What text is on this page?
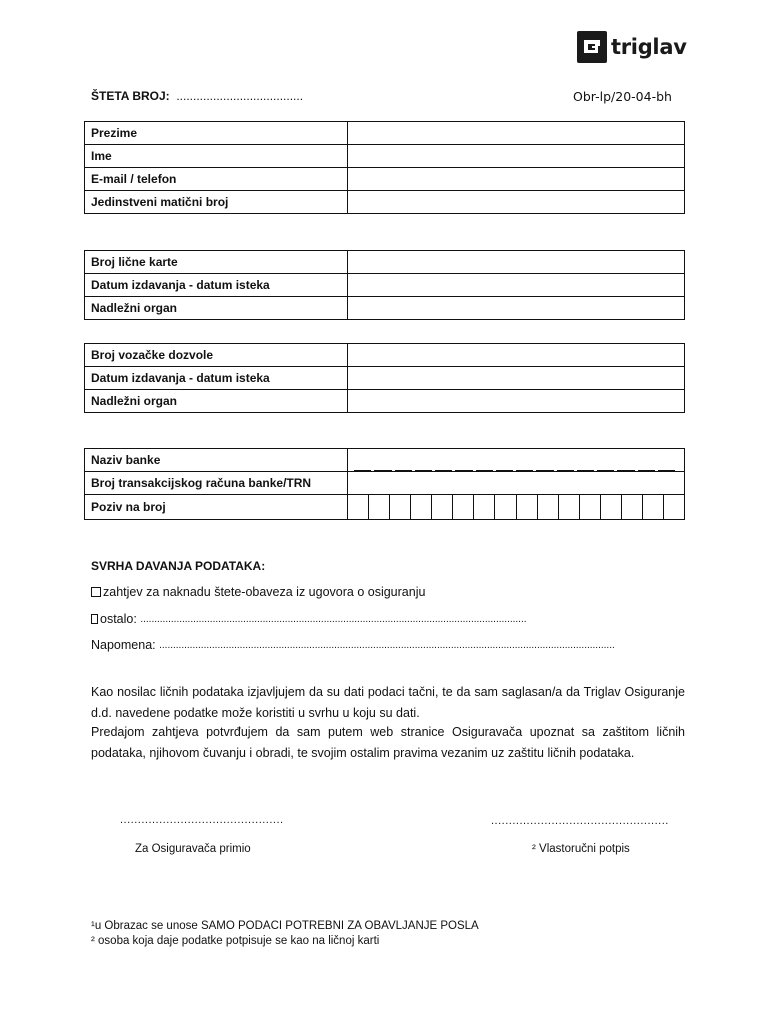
triglav
ŠTETA BROJ: ......................................	Obr-lp/20-04-bh
Prezime	
Ime	
E-mail / telefon	
Jedinstveni matični broj	
Broj lične karte	
Datum izdavanja - datum isteka	
Nadležni organ	
Broj vozačke dozvole	
Datum izdavanja - datum isteka	
Nadležni organ	
Naziv banke	

Broj transakcijskog računa banke/TRN	
Poziv na broj	
SVRHA DAVANJA PODATAKA:
zahtjev za naknadu štete-obaveza iz ugovora o osiguranju
ostalo:
...........................................................................................................................................
Napomena:
....................................................................................................................................................................
Kao nosilac ličnih podataka izjavljujem da su dati podaci tačni, te da sam saglasan/a da Triglav Osiguranje d.d. navedene podatke može koristiti u svrhu u koju su dati.
Predajom zahtjeva potvrđujem da sam putem web stranice Osiguravača upoznat sa zaštitom ličnih podataka, njihovom čuvanju i obradi, te svojim ostalim pravima vezanim uz zaštitu ličnih podataka.
..............................................
Za Osiguravača primio
..................................................
² Vlastoručni potpis
¹u Obrazac se unose SAMO PODACI POTREBNI ZA OBAVLJANJE POSLA
² osoba koja daje podatke potpisuje se kao na ličnoj karti
